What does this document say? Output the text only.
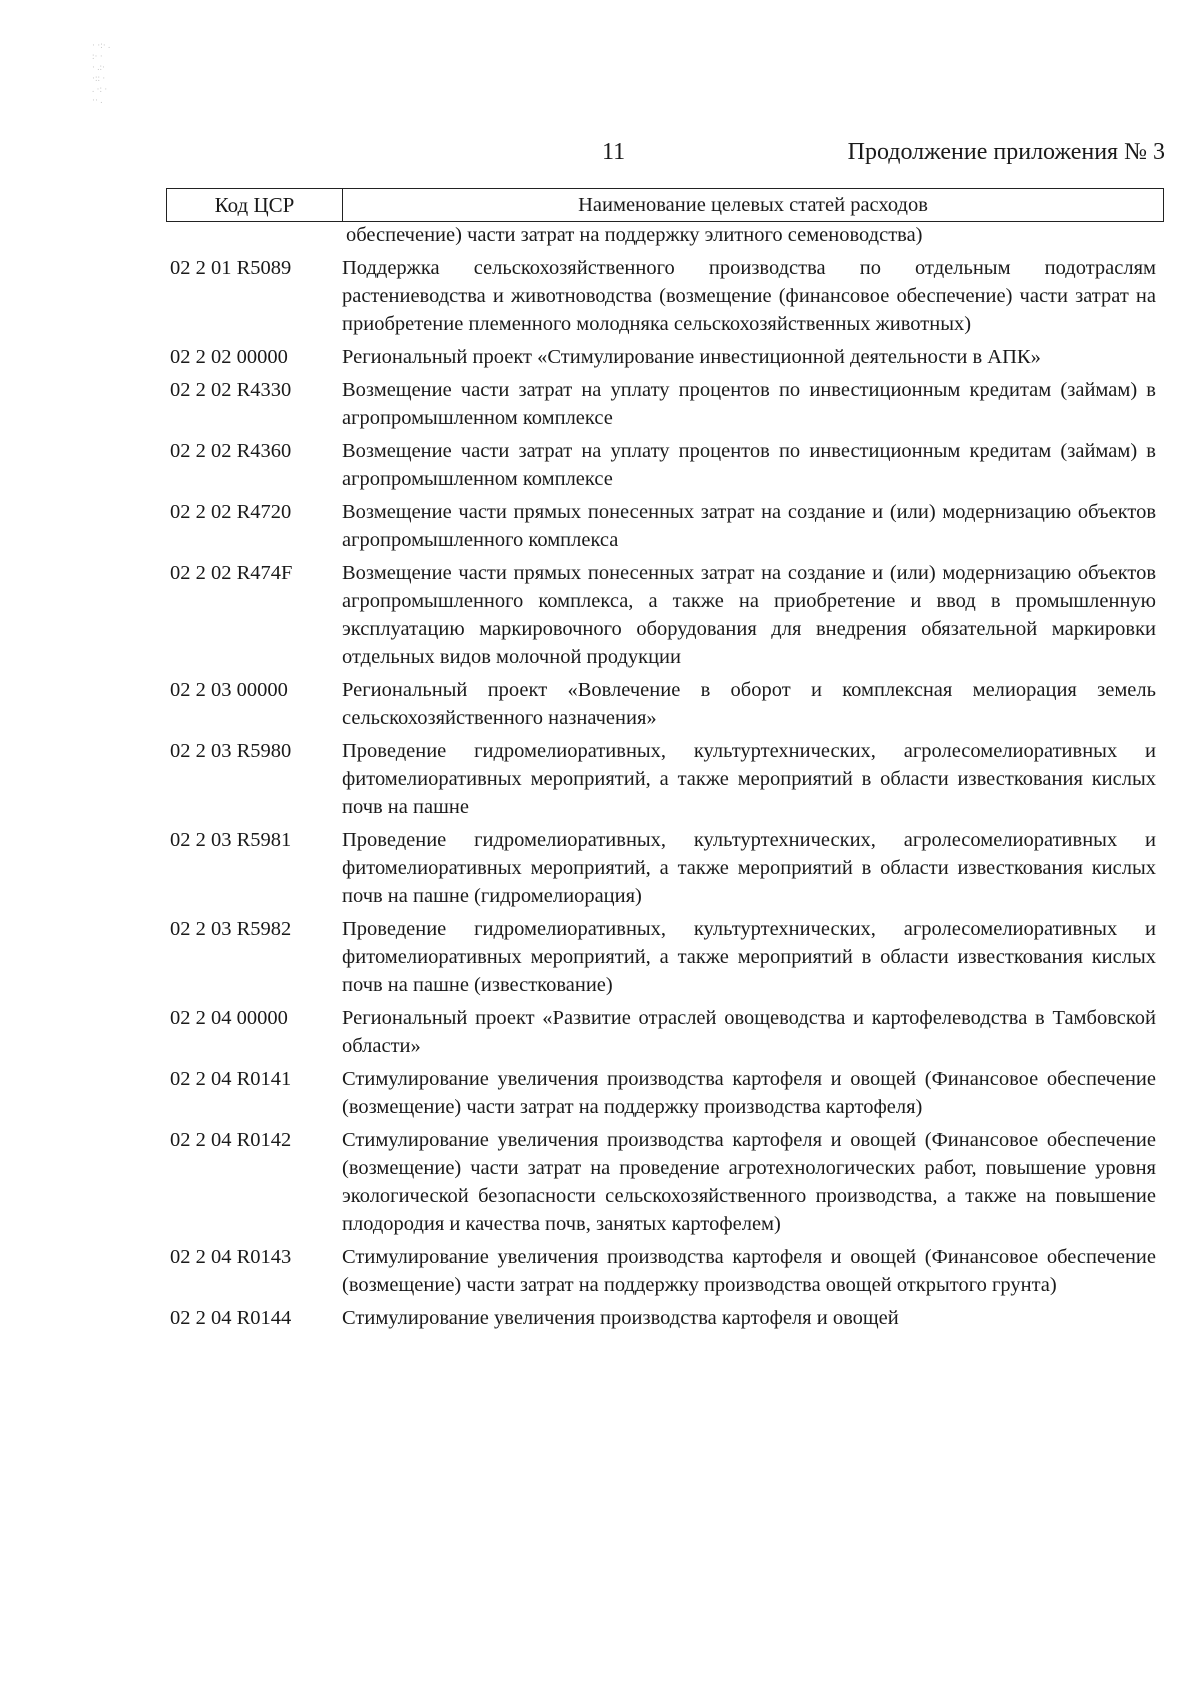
· ·:· .
:· ·
· .:·
·:: ·
. ·: ·
·· .
11	Продолжение приложения № 3
Код ЦСР	Наименование целевых статей расходов
обеспечение) части затрат на поддержку элитного семеноводства)
02 2 01 R5089	Поддержка сельскохозяйственного производства по отдельным подотраслям растениеводства и животноводства (возмещение (финансовое обеспечение) части затрат на приобретение племенного молодняка сельскохозяйственных животных)
02 2 02 00000	Региональный проект «Стимулирование инвестиционной деятельности в АПК»
02 2 02 R4330	Возмещение части затрат на уплату процентов по инвестиционным кредитам (займам) в агропромышленном комплексе
02 2 02 R4360	Возмещение части затрат на уплату процентов по инвестиционным кредитам (займам) в агропромышленном комплексе
02 2 02 R4720	Возмещение части прямых понесенных затрат на создание и (или) модернизацию объектов агропромышленного комплекса
02 2 02 R474F	Возмещение части прямых понесенных затрат на создание и (или) модернизацию объектов агропромышленного комплекса, а также на приобретение и ввод в промышленную эксплуатацию маркировочного оборудования для внедрения обязательной маркировки отдельных видов молочной продукции
02 2 03 00000	Региональный проект «Вовлечение в оборот и комплексная мелиорация земель сельскохозяйственного назначения»
02 2 03 R5980	Проведение гидромелиоративных, культуртехнических, агролесомелиоративных и фитомелиоративных мероприятий, а также мероприятий в области известкования кислых почв на пашне
02 2 03 R5981	Проведение гидромелиоративных, культуртехнических, агролесомелиоративных и фитомелиоративных мероприятий, а также мероприятий в области известкования кислых почв на пашне (гидромелиорация)
02 2 03 R5982	Проведение гидромелиоративных, культуртехнических, агролесомелиоративных и фитомелиоративных мероприятий, а также мероприятий в области известкования кислых почв на пашне (известкование)
02 2 04 00000	Региональный проект «Развитие отраслей овощеводства и картофелеводства в Тамбовской области»
02 2 04 R0141	Стимулирование увеличения производства картофеля и овощей (Финансовое обеспечение (возмещение) части затрат на поддержку производства картофеля)
02 2 04 R0142	Стимулирование увеличения производства картофеля и овощей (Финансовое обеспечение (возмещение) части затрат на проведение агротехнологических работ, повышение уровня экологической безопасности сельскохозяйственного производства, а также на повышение плодородия и качества почв, занятых картофелем)
02 2 04 R0143	Стимулирование увеличения производства картофеля и овощей (Финансовое обеспечение (возмещение) части затрат на поддержку производства овощей открытого грунта)
02 2 04 R0144	Стимулирование увеличения производства картофеля и овощей
